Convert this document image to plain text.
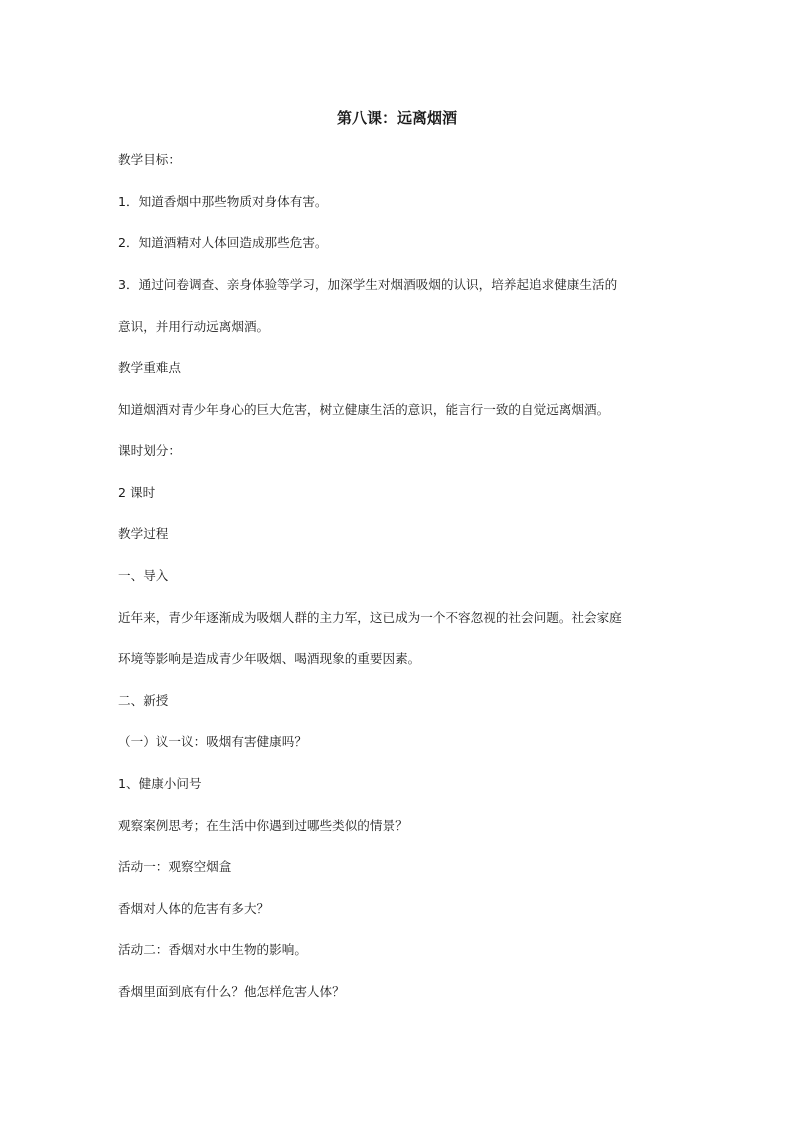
第八课：远离烟酒
教学目标：
1．知道香烟中那些物质对身体有害。
2．知道酒精对人体回造成那些危害。
3．通过问卷调查、亲身体验等学习，加深学生对烟酒吸烟的认识，培养起追求健康生活的
意识，并用行动远离烟酒。
教学重难点
知道烟酒对青少年身心的巨大危害，树立健康生活的意识，能言行一致的自觉远离烟酒。
课时划分：
2 课时
教学过程
一、导入
近年来，青少年逐渐成为吸烟人群的主力军，这已成为一个不容忽视的社会问题。社会家庭
环境等影响是造成青少年吸烟、喝酒现象的重要因素。
二、新授
（一）议一议：吸烟有害健康吗？
1、健康小问号
观察案例思考；在生活中你遇到过哪些类似的情景？
活动一：观察空烟盒
香烟对人体的危害有多大？
活动二：香烟对水中生物的影响。
香烟里面到底有什么？他怎样危害人体？
